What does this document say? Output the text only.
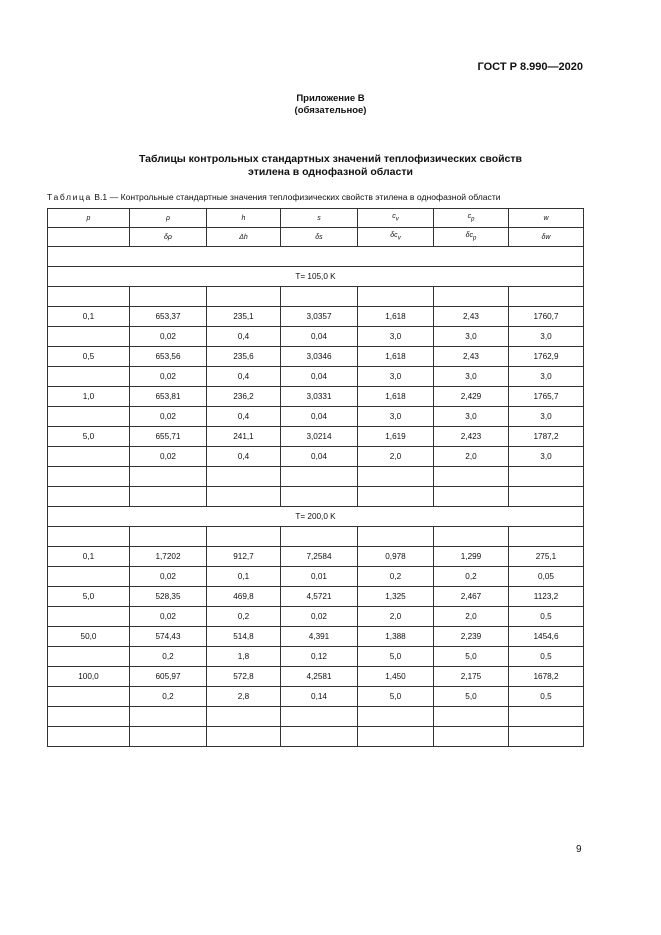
ГОСТ Р 8.990—2020
Приложение В
(обязательное)
Таблицы контрольных стандартных значений теплофизических свойств
этилена в однофазной области
Таблица В.1 — Контрольные стандартные значения теплофизических свойств этилена в однофазной области
p	ρ	h	s	$c_v$	$c_p$	w
	δρ	Δh	δs	$\delta c_v$	$\delta c_p$	δw

T= 105,0 K						

0,1	653,37	235,1	3,0357	1,618	2,43	1760,7
	0,02	0,4	0,04	3,0	3,0	3,0
0,5	653,56	235,6	3,0346	1,618	2,43	1762,9
	0,02	0,4	0,04	3,0	3,0	3,0
1,0	653,81	236,2	3,0331	1,618	2,429	1765,7
	0,02	0,4	0,04	3,0	3,0	3,0
5,0	655,71	241,1	3,0214	1,619	2,423	1787,2
	0,02	0,4	0,04	2,0	2,0	3,0

T= 200,0 K						

0,1	1,7202	912,7	7,2584	0,978	1,299	275,1
	0,02	0,1	0,01	0,2	0,2	0,05
5,0	528,35	469,8	4,5721	1,325	2,467	1123,2
	0,02	0,2	0,02	2,0	2,0	0,5
50,0	574,43	514,8	4,391	1,388	2,239	1454,6
	0,2	1,8	0,12	5,0	5,0	0,5
100,0	605,97	572,8	4,2581	1,450	2,175	1678,2
	0,2	2,8	0,14	5,0	5,0	0,5

9
